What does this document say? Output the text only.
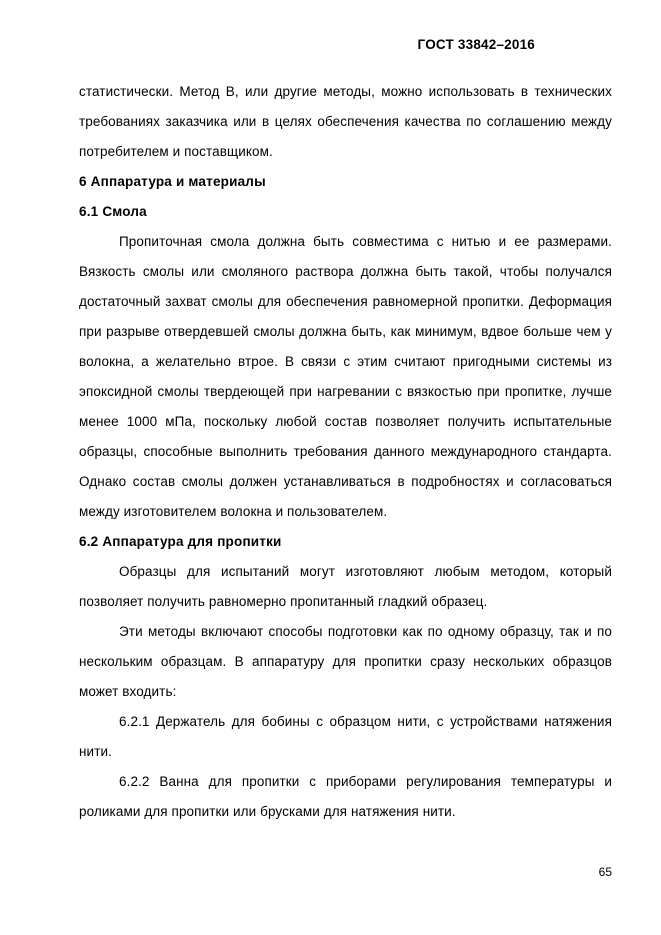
ГОСТ 33842–2016

статистически. Метод В, или другие методы, можно использовать в технических требованиях заказчика или в целях обеспечения качества по соглашению между потребителем и поставщиком.

6 Аппаратура и материалы

6.1 Смола

Пропиточная смола должна быть совместима с нитью и ее размерами. Вязкость смолы или смоляного раствора должна быть такой, чтобы получался достаточный захват смолы для обеспечения равномерной пропитки. Деформация при разрыве отвердевшей смолы должна быть, как минимум, вдвое больше чем у волокна, а желательно втрое. В связи с этим считают пригодными системы из эпоксидной смолы твердеющей при нагревании с вязкостью при пропитке, лучше менее 1000 мПа, поскольку любой состав позволяет получить испытательные образцы, способные выполнить требования данного международного стандарта. Однако состав смолы должен устанавливаться в подробностях и согласоваться между изготовителем волокна и пользователем.

6.2 Аппаратура для пропитки

Образцы для испытаний могут изготовляют любым методом, который позволяет получить равномерно пропитанный гладкий образец.

Эти методы включают способы подготовки как по одному образцу, так и по нескольким образцам. В аппаратуру для пропитки сразу нескольких образцов может входить:

6.2.1 Держатель для бобины с образцом нити, с устройствами натяжения нити.

6.2.2 Ванна для пропитки с приборами регулирования температуры и роликами для пропитки или брусками для натяжения нити.

65
